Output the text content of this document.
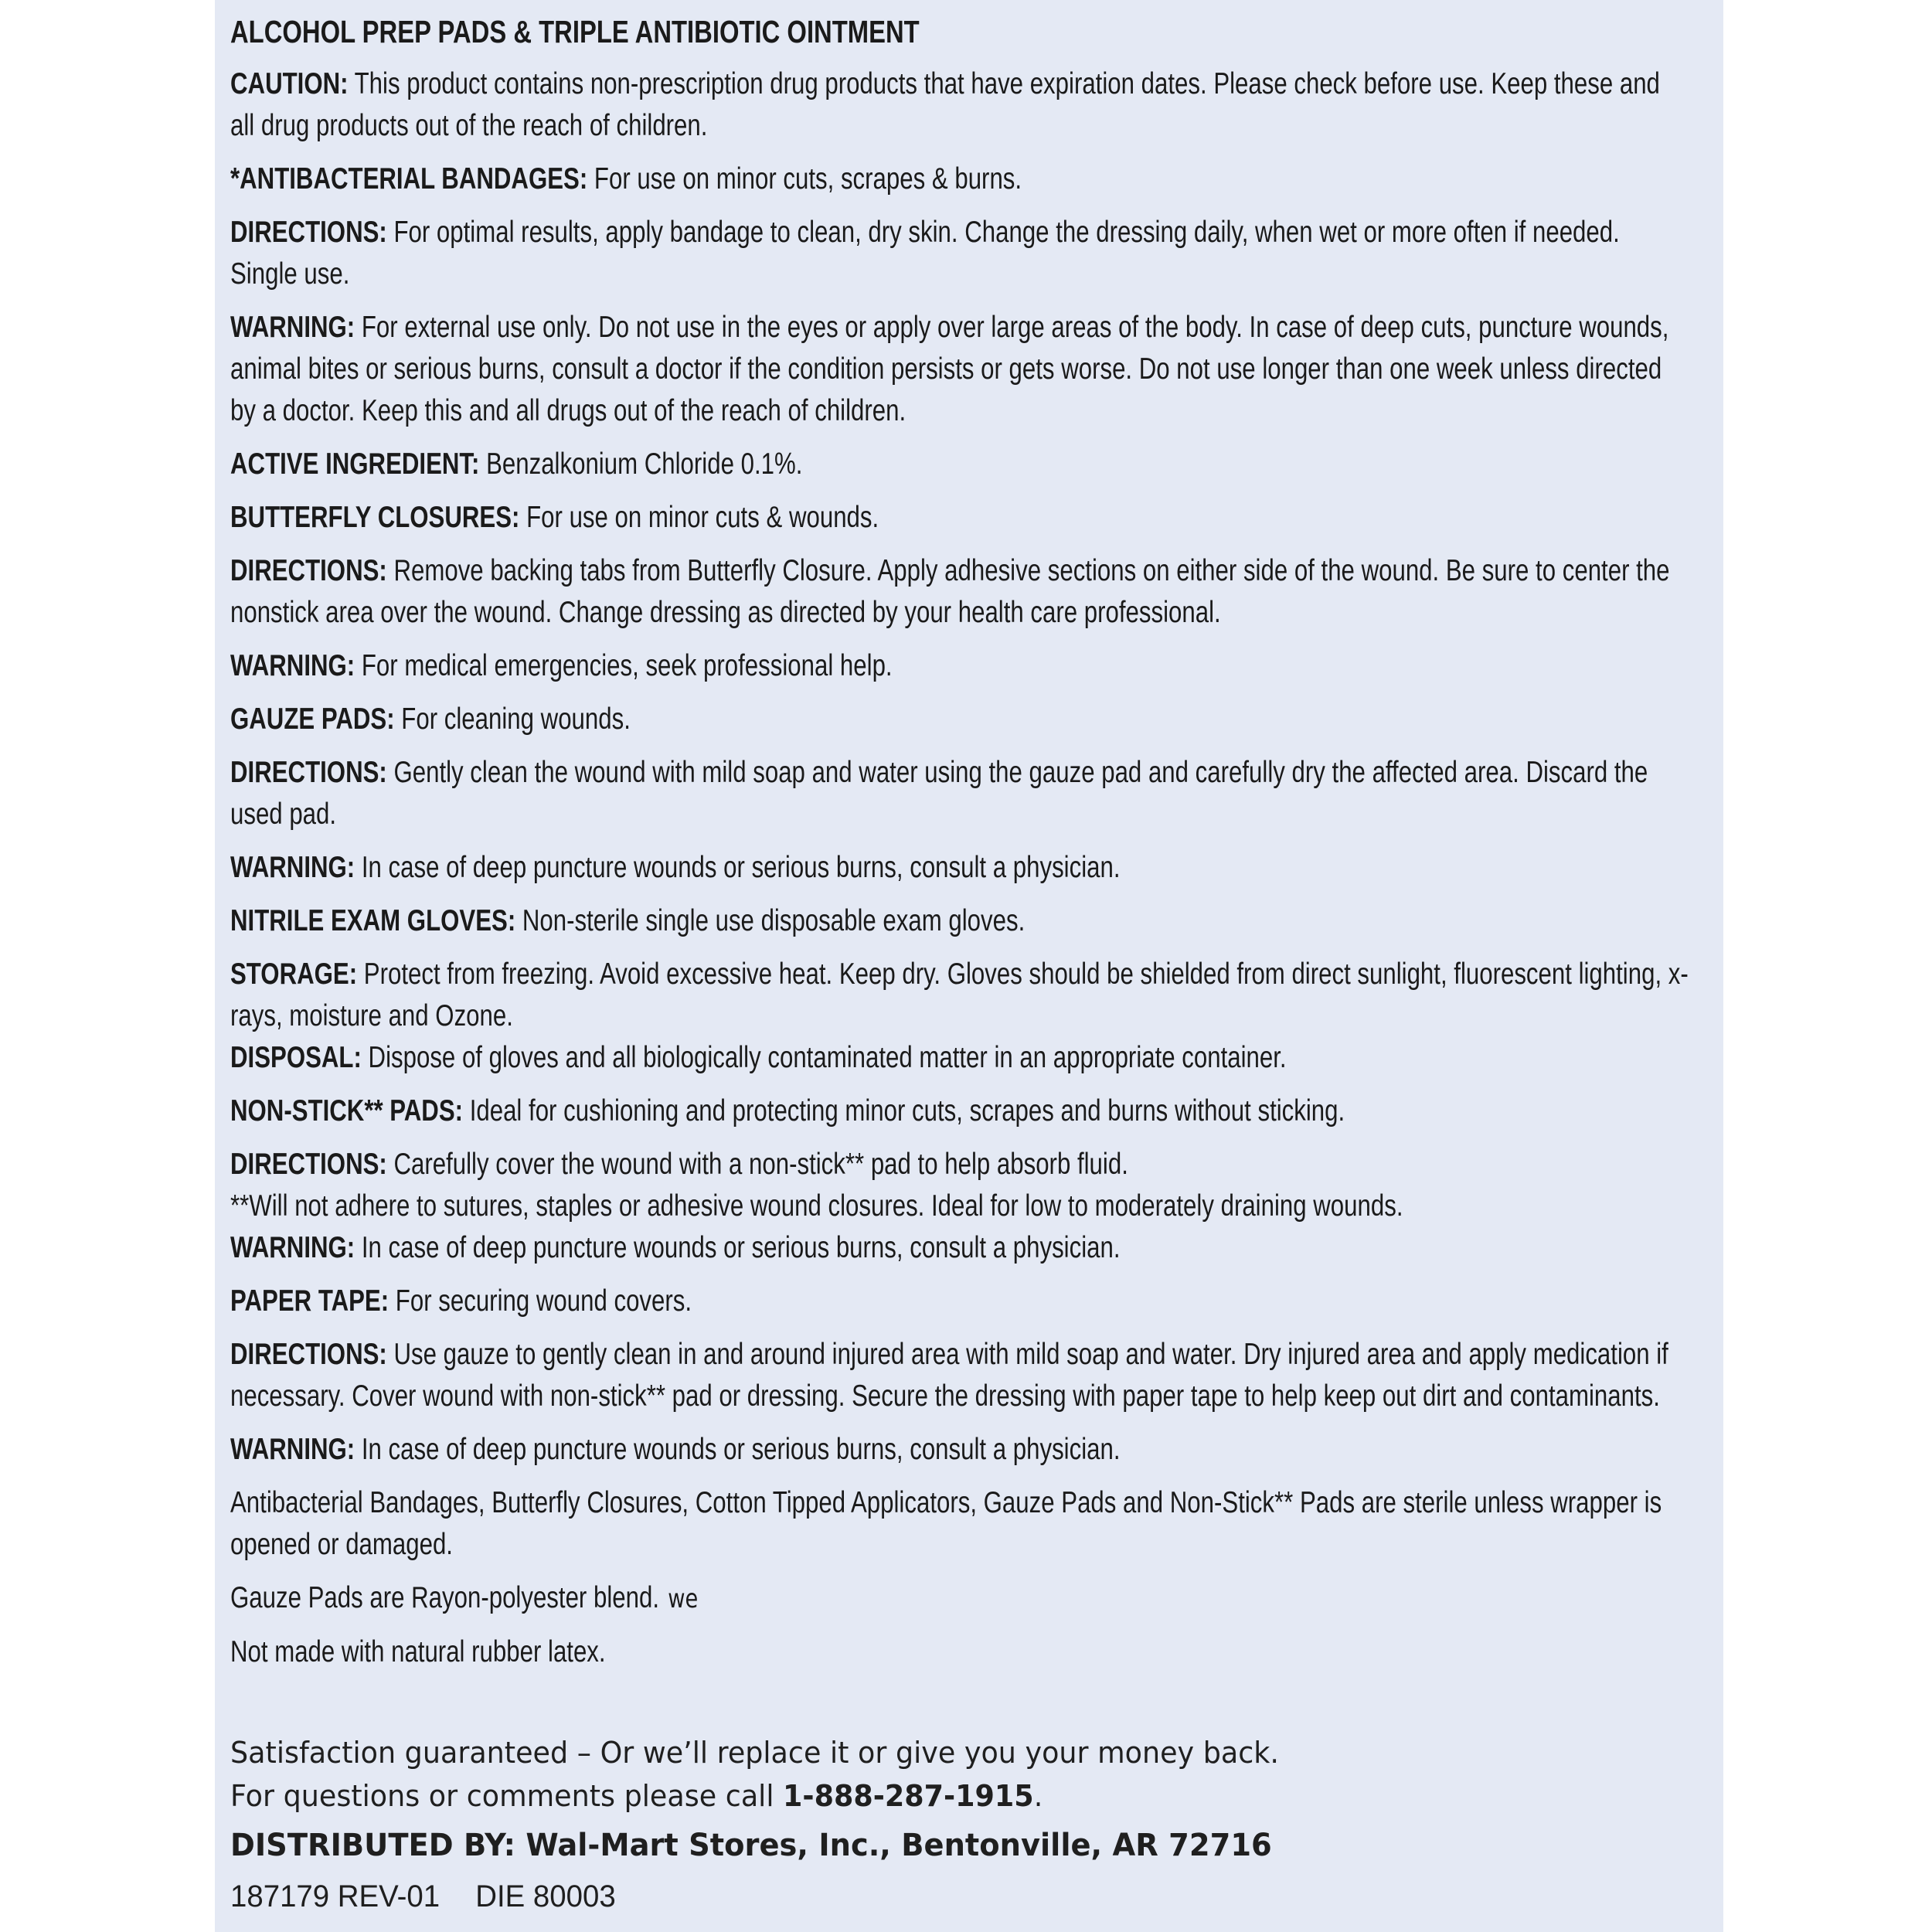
ALCOHOL PREP PADS & TRIPLE ANTIBIOTIC OINTMENT
CAUTION: This product contains non-prescription drug products that have expiration dates. Please check before use. Keep these and all drug products out of the reach of children.
*ANTIBACTERIAL BANDAGES: For use on minor cuts, scrapes & burns.
DIRECTIONS: For optimal results, apply bandage to clean, dry skin. Change the dressing daily, when wet or more often if needed. Single use.
WARNING: For external use only. Do not use in the eyes or apply over large areas of the body. In case of deep cuts, puncture wounds, animal bites or serious burns, consult a doctor if the condition persists or gets worse. Do not use longer than one week unless directed by a doctor. Keep this and all drugs out of the reach of children.
ACTIVE INGREDIENT: Benzalkonium Chloride 0.1%.
BUTTERFLY CLOSURES: For use on minor cuts & wounds.
DIRECTIONS: Remove backing tabs from Butterfly Closure. Apply adhesive sections on either side of the wound. Be sure to center the nonstick area over the wound. Change dressing as directed by your health care professional.
WARNING: For medical emergencies, seek professional help.
GAUZE PADS: For cleaning wounds.
DIRECTIONS: Gently clean the wound with mild soap and water using the gauze pad and carefully dry the affected area. Discard the used pad.
WARNING: In case of deep puncture wounds or serious burns, consult a physician.
NITRILE EXAM GLOVES: Non-sterile single use disposable exam gloves.
STORAGE: Protect from freezing. Avoid excessive heat. Keep dry. Gloves should be shielded from direct sunlight, fluorescent lighting, x-rays, moisture and Ozone.
DISPOSAL: Dispose of gloves and all biologically contaminated matter in an appropriate container.
NON-STICK** PADS: Ideal for cushioning and protecting minor cuts, scrapes and burns without sticking.
DIRECTIONS: Carefully cover the wound with a non-stick** pad to help absorb fluid.
**Will not adhere to sutures, staples or adhesive wound closures. Ideal for low to moderately draining wounds.
WARNING: In case of deep puncture wounds or serious burns, consult a physician.
PAPER TAPE: For securing wound covers.
DIRECTIONS: Use gauze to gently clean in and around injured area with mild soap and water. Dry injured area and apply medication if necessary. Cover wound with non-stick** pad or dressing. Secure the dressing with paper tape to help keep out dirt and contaminants.
WARNING: In case of deep puncture wounds or serious burns, consult a physician.
Antibacterial Bandages, Butterfly Closures, Cotton Tipped Applicators, Gauze Pads and Non-Stick** Pads are sterile unless wrapper is opened or damaged.
Gauze Pads are Rayon-polyester blend. we
Not made with natural rubber latex.
Satisfaction guaranteed – Or we’ll replace it or give you your money back.
For questions or comments please call 1-888-287-1915.
DISTRIBUTED BY: Wal-Mart Stores, Inc., Bentonville, AR 72716
187179 REV-01 DIE 80003
